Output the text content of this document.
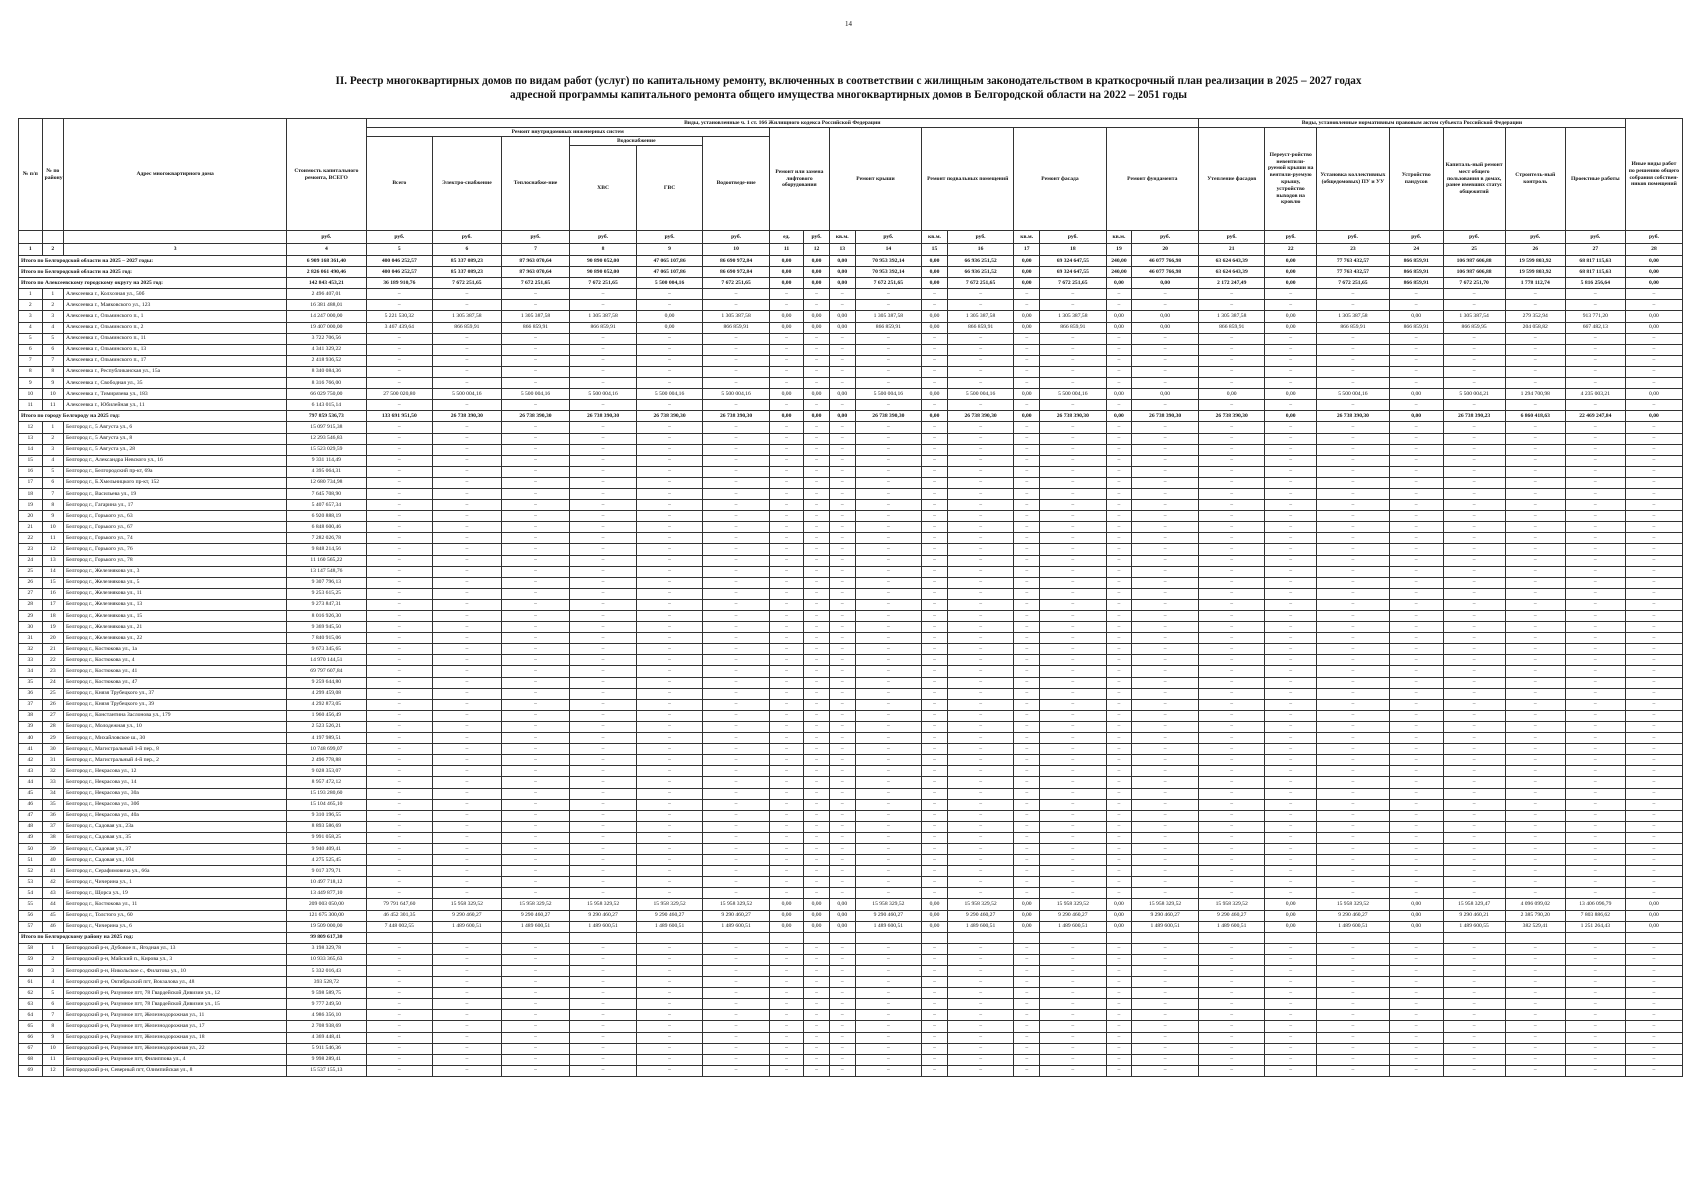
14
II. Реестр многоквартирных домов по видам работ (услуг) по капитальному ремонту, включенных в соответствии с жилищным законодательством в краткосрочный план реализации в 2025 – 2027 годах
адресной программы капитального ремонта общего имущества многоквартирных домов в Белгородской области на 2022 – 2051 годы
№ п/п	№ по району	Адрес многоквартирного дома	Стоимость капитального ремонта, ВСЕГО	Виды, установленные ч. 1 ст. 166 Жилищного кодекса Российской Федерации																Виды, установленные нормативным правовым актом субъекта Российской Федерации							Иные виды работ по решению общего собрания собствен-ников помещений
				Ремонт внутридомовых инженерных систем						Ремонт или замена лифтового оборудования		Ремонт крыши		Ремонт подвальных помещений		Ремонт фасада		Ремонт фундамента		Утепление фасадов	Переуст-ройство невентили-руемой крыши на вентили-руемую крышу, устройство выходов на кровлю	Установка коллективных (общедомовых) ПУ и УУ	Устройство пандусов	Капиталь-ный ремонт мест общего пользования в домах, ранее имевших статус общежитий	Строитель-ный контроль	Проектные работы	
				Всего	Электро-снабжение	Теплоснабже-ние	Водоснабжение		Водоотведе-ние																		
							ХВС	ГВС																			
			руб.	руб.	руб.	руб.	руб.	руб.	руб.	ед.	руб.	кв.м.	руб.	кв.м.	руб.	кв.м.	руб.	кв.м.	руб.	руб.	руб.	руб.	руб.	руб.	руб.	руб.	руб.
1	2	3	4	5	6	7	8	9	10	11	12	13	14	15	16	17	18	19	20	21	22	23	24	25	26	27	28
Итого по Белгородской области на 2025 – 2027 годы:			6 909 168 361,40	400 046 252,57	85 337 089,23	87 963 070,64	90 890 052,00	47 065 107,86	86 690 972,84	0,00	0,00	0,00	70 953 392,14	0,00	66 936 251,52	0,00	69 324 647,55	240,00	46 077 766,98	63 624 643,39	0,00	77 763 432,57	866 859,91	106 987 606,88	19 599 803,92	68 817 115,63	0,00
Итого по Белгородской области на 2025 год:			2 826 061 490,46	400 046 252,57	85 337 089,23	87 963 070,64	90 890 052,00	47 065 107,86	86 690 972,84	0,00	0,00	0,00	70 953 392,14	0,00	66 936 251,52	0,00	69 324 647,55	240,00	46 077 766,98	63 624 643,39	0,00	77 763 432,57	866 859,91	106 987 606,88	19 599 803,92	68 817 115,63	0,00
Итого по Алексеевскому городскому округу на 2025 год:			142 843 453,21	36 189 910,76	7 672 251,65	7 672 251,65	7 672 251,65	5 500 004,16	7 672 251,65	0,00	0,00	0,00	7 672 251,65	0,00	7 672 251,65	0,00	7 672 251,65	0,00	0,00	2 172 247,49	0,00	7 672 251,65	866 859,91	7 672 251,70	1 778 112,74	5 816 256,64	0,00
1	1	Алексеевка г., Колхозная ул., 50б	2 496 407,01	–	–	–	–	–	–	–	–	–	–	–	–	–	–	–	–	–	–	–	–	–	–	–	–
2	2	Алексеевка г., Маяковского ул., 123	16 381 488,01	–	–	–	–	–	–	–	–	–	–	–	–	–	–	–	–	–	–	–	–	–	–	–	–
3	3	Алексеевка г., Ольминского п., 1	14 247 000,00	5 221 530,32	1 305 387,58	1 305 387,58	1 305 387,58	0,00	1 305 387,58	0,00	0,00	0,00	1 305 387,58	0,00	1 305 387,58	0,00	1 305 387,58	0,00	0,00	1 305 387,58	0,00	1 305 387,58	0,00	1 305 387,54	279 352,94	913 771,20	0,00
4	4	Алексеевка г., Ольминского п., 2	19 407 000,00	3 467 439,64	866 859,91	866 859,91	866 859,91	0,00	866 859,91	0,00	0,00	0,00	866 859,91	0,00	866 859,91	0,00	866 859,91	0,00	0,00	866 859,91	0,00	866 859,91	866 859,91	866 859,95	204 058,82	667 482,13	0,00
5	5	Алексеевка г., Ольминского п., 11	3 722 706,56	–	–	–	–	–	–	–	–	–	–	–	–	–	–	–	–	–	–	–	–	–	–	–	–
6	6	Алексеевка г., Ольминского п., 13	4 341 329,22	–	–	–	–	–	–	–	–	–	–	–	–	–	–	–	–	–	–	–	–	–	–	–	–
7	7	Алексеевка г., Ольминского п., 17	2 418 936,52	–	–	–	–	–	–	–	–	–	–	–	–	–	–	–	–	–	–	–	–	–	–	–	–
8	8	Алексеевка г., Республиканская ул., 15а	8 340 084,36	–	–	–	–	–	–	–	–	–	–	–	–	–	–	–	–	–	–	–	–	–	–	–	–
9	9	Алексеевка г., Свободная ул., 35	8 316 766,00	–	–	–	–	–	–	–	–	–	–	–	–	–	–	–	–	–	–	–	–	–	–	–	–
10	10	Алексеевка г., Тимирязева ул., 183	66 029 750,00	27 500 020,80	5 500 004,16	5 500 004,16	5 500 004,16	5 500 004,16	5 500 004,16	0,00	0,00	0,00	5 500 004,16	0,00	5 500 004,16	0,00	5 500 004,16	0,00	0,00	0,00	0,00	5 500 004,16	0,00	5 500 004,21	1 294 700,98	4 235 003,21	0,00
11	11	Алексеевка г., Юбилейная ул., 11	6 143 015,14	–	–	–	–	–	–	–	–	–	–	–	–	–	–	–	–	–	–	–	–	–	–	–	–
Итого по городу Белгороду на 2025 год:			797 859 536,73	133 691 951,50	26 738 390,30	26 738 390,30	26 738 390,30	26 738 390,30	26 738 390,30	0,00	0,00	0,00	26 738 390,30	0,00	26 738 390,30	0,00	26 738 390,30	0,00	26 738 390,30	26 738 390,30	0,00	26 738 390,30	0,00	26 738 390,23	6 860 418,63	22 469 247,84	0,00
12	1	Белгород г., 5 Августа ул., 6	15 097 915,38	–	–	–	–	–	–	–	–	–	–	–	–	–	–	–	–	–	–	–	–	–	–	–	–
13	2	Белгород г., 5 Августа ул., 8	12 293 546,83	–	–	–	–	–	–	–	–	–	–	–	–	–	–	–	–	–	–	–	–	–	–	–	–
14	3	Белгород г., 5 Августа ул., 28	15 523 029,59	–	–	–	–	–	–	–	–	–	–	–	–	–	–	–	–	–	–	–	–	–	–	–	–
15	4	Белгород г., Александра Невского ул., 16	9 331 114,49	–	–	–	–	–	–	–	–	–	–	–	–	–	–	–	–	–	–	–	–	–	–	–	–
16	5	Белгород г., Белгородский пр-кт, 69а	4 395 064,31	–	–	–	–	–	–	–	–	–	–	–	–	–	–	–	–	–	–	–	–	–	–	–	–
17	6	Белгород г., Б.Хмельницкого пр-кт, 152	12 680 734,98	–	–	–	–	–	–	–	–	–	–	–	–	–	–	–	–	–	–	–	–	–	–	–	–
18	7	Белгород г., Васильева ул., 19	7 645 708,90	–	–	–	–	–	–	–	–	–	–	–	–	–	–	–	–	–	–	–	–	–	–	–	–
19	8	Белгород г., Гагарина ул., 17	5 407 657,34	–	–	–	–	–	–	–	–	–	–	–	–	–	–	–	–	–	–	–	–	–	–	–	–
20	9	Белгород г., Горького ул., 63	6 920 888,19	–	–	–	–	–	–	–	–	–	–	–	–	–	–	–	–	–	–	–	–	–	–	–	–
21	10	Белгород г., Горького ул., 67	6 848 600,46	–	–	–	–	–	–	–	–	–	–	–	–	–	–	–	–	–	–	–	–	–	–	–	–
22	11	Белгород г., Горького ул., 74	7 282 026,78	–	–	–	–	–	–	–	–	–	–	–	–	–	–	–	–	–	–	–	–	–	–	–	–
23	12	Белгород г., Горького ул., 76	9 848 214,56	–	–	–	–	–	–	–	–	–	–	–	–	–	–	–	–	–	–	–	–	–	–	–	–
24	13	Белгород г., Горького ул., 78	11 160 565,22	–	–	–	–	–	–	–	–	–	–	–	–	–	–	–	–	–	–	–	–	–	–	–	–
25	14	Белгород г., Железнякова ул., 3	13 147 548,76	–	–	–	–	–	–	–	–	–	–	–	–	–	–	–	–	–	–	–	–	–	–	–	–
26	15	Белгород г., Железнякова ул., 5	9 307 796,13	–	–	–	–	–	–	–	–	–	–	–	–	–	–	–	–	–	–	–	–	–	–	–	–
27	16	Белгород г., Железнякова ул., 11	9 253 615,25	–	–	–	–	–	–	–	–	–	–	–	–	–	–	–	–	–	–	–	–	–	–	–	–
28	17	Белгород г., Железнякова ул., 13	9 273 847,31	–	–	–	–	–	–	–	–	–	–	–	–	–	–	–	–	–	–	–	–	–	–	–	–
29	18	Белгород г., Железнякова ул., 15	8 016 926,30	–	–	–	–	–	–	–	–	–	–	–	–	–	–	–	–	–	–	–	–	–	–	–	–
30	19	Белгород г., Железнякова ул., 21	9 369 945,50	–	–	–	–	–	–	–	–	–	–	–	–	–	–	–	–	–	–	–	–	–	–	–	–
31	20	Белгород г., Железнякова ул., 22	7 840 915,06	–	–	–	–	–	–	–	–	–	–	–	–	–	–	–	–	–	–	–	–	–	–	–	–
32	21	Белгород г., Костюкова ул., 1а	9 673 345,65	–	–	–	–	–	–	–	–	–	–	–	–	–	–	–	–	–	–	–	–	–	–	–	–
33	22	Белгород г., Костюкова ул., 4	14 970 144,51	–	–	–	–	–	–	–	–	–	–	–	–	–	–	–	–	–	–	–	–	–	–	–	–
34	23	Белгород г., Костюкова ул., 41	69 797 607,84	–	–	–	–	–	–	–	–	–	–	–	–	–	–	–	–	–	–	–	–	–	–	–	–
35	24	Белгород г., Костюкова ул., 47	9 259 644,80	–	–	–	–	–	–	–	–	–	–	–	–	–	–	–	–	–	–	–	–	–	–	–	–
36	25	Белгород г., Князя Трубецкого ул., 37	4 299 459,08	–	–	–	–	–	–	–	–	–	–	–	–	–	–	–	–	–	–	–	–	–	–	–	–
37	26	Белгород г., Князя Трубецкого ул., 39	4 292 873,05	–	–	–	–	–	–	–	–	–	–	–	–	–	–	–	–	–	–	–	–	–	–	–	–
38	27	Белгород г., Константина Заслонова ул., 179	1 960 456,49	–	–	–	–	–	–	–	–	–	–	–	–	–	–	–	–	–	–	–	–	–	–	–	–
39	28	Белгород г., Молодежная ул., 10	2 523 526,21	–	–	–	–	–	–	–	–	–	–	–	–	–	–	–	–	–	–	–	–	–	–	–	–
40	29	Белгород г., Михайловское ш., 30	4 197 989,51	–	–	–	–	–	–	–	–	–	–	–	–	–	–	–	–	–	–	–	–	–	–	–	–
41	30	Белгород г., Магистральный 1-й пер., 8	10 748 699,07	–	–	–	–	–	–	–	–	–	–	–	–	–	–	–	–	–	–	–	–	–	–	–	–
42	31	Белгород г., Магистральный 4-й пер., 2	2 496 778,88	–	–	–	–	–	–	–	–	–	–	–	–	–	–	–	–	–	–	–	–	–	–	–	–
43	32	Белгород г., Некрасова ул., 12	9 028 353,07	–	–	–	–	–	–	–	–	–	–	–	–	–	–	–	–	–	–	–	–	–	–	–	–
44	33	Белгород г., Некрасова ул., 14	8 957 472,12	–	–	–	–	–	–	–	–	–	–	–	–	–	–	–	–	–	–	–	–	–	–	–	–
45	34	Белгород г., Некрасова ул., 30а	15 193 280,60	–	–	–	–	–	–	–	–	–	–	–	–	–	–	–	–	–	–	–	–	–	–	–	–
46	35	Белгород г., Некрасова ул., 30б	15 104 465,10	–	–	–	–	–	–	–	–	–	–	–	–	–	–	–	–	–	–	–	–	–	–	–	–
47	36	Белгород г., Некрасова ул., 40а	9 310 196,55	–	–	–	–	–	–	–	–	–	–	–	–	–	–	–	–	–	–	–	–	–	–	–	–
48	37	Белгород г., Садовая ул., 23а	8 893 586,69	–	–	–	–	–	–	–	–	–	–	–	–	–	–	–	–	–	–	–	–	–	–	–	–
49	38	Белгород г., Садовая ул., 35	9 991 058,25	–	–	–	–	–	–	–	–	–	–	–	–	–	–	–	–	–	–	–	–	–	–	–	–
50	39	Белгород г., Садовая ул., 37	9 940 409,41	–	–	–	–	–	–	–	–	–	–	–	–	–	–	–	–	–	–	–	–	–	–	–	–
51	40	Белгород г., Садовая ул., 104	4 275 525,45	–	–	–	–	–	–	–	–	–	–	–	–	–	–	–	–	–	–	–	–	–	–	–	–
52	41	Белгород г., Серафимовича ул., 66а	9 017 379,71	–	–	–	–	–	–	–	–	–	–	–	–	–	–	–	–	–	–	–	–	–	–	–	–
53	42	Белгород г., Чичерина ул., 1	10 497 718,12	–	–	–	–	–	–	–	–	–	–	–	–	–	–	–	–	–	–	–	–	–	–	–	–
54	43	Белгород г., Щорса ул., 19	13 449 877,10	–	–	–	–	–	–	–	–	–	–	–	–	–	–	–	–	–	–	–	–	–	–	–	–
55	44	Белгород г., Костюкова ул., 11	209 003 050,00	79 791 647,60	15 958 329,52	15 958 329,52	15 958 329,52	15 958 329,52	15 958 329,52	0,00	0,00	0,00	15 958 329,52	0,00	15 958 329,52	0,00	15 958 329,52	0,00	15 958 329,52	15 958 329,52	0,00	15 958 329,52	0,00	15 958 329,47	4 096 099,02	13 406 096,79	0,00
56	45	Белгород г., Толстого ул., 60	121 675 300,00	46 452 301,35	9 290 460,27	9 290 460,27	9 290 460,27	9 290 460,27	9 290 460,27	0,00	0,00	0,00	9 290 460,27	0,00	9 290 460,27	0,00	9 290 460,27	0,00	9 290 460,27	9 290 460,27	0,00	9 290 460,27	0,00	9 290 460,21	2 385 790,20	7 803 886,62	0,00
57	46	Белгород г., Чичерина ул., 6	19 509 000,00	7 448 002,55	1 489 600,51	1 489 600,51	1 489 600,51	1 489 600,51	1 489 600,51	0,00	0,00	0,00	1 489 600,51	0,00	1 489 600,51	0,00	1 489 600,51	0,00	1 489 600,51	1 489 600,51	0,00	1 489 600,51	0,00	1 489 600,55	382 529,41	1 251 264,43	0,00
Итого по Белгородскому району на 2025 год:			99 809 617,30																								
58	1	Белгородский р-н, Дубовое п., Ягодная ул., 13	3 198 329,78	–	–	–	–	–	–	–	–	–	–	–	–	–	–	–	–	–	–	–	–	–	–	–	–
59	2	Белгородский р-н, Майский п., Кирова ул., 3	10 933 365,63	–	–	–	–	–	–	–	–	–	–	–	–	–	–	–	–	–	–	–	–	–	–	–	–
60	3	Белгородский р-н, Никольское с., Филатова ул., 10	5 332 016,43	–	–	–	–	–	–	–	–	–	–	–	–	–	–	–	–	–	–	–	–	–	–	–	–
61	4	Белгородский р-н, Октябрьский пгт, Вокзалова ул., 48	393 528,72	–	–	–	–	–	–	–	–	–	–	–	–	–	–	–	–	–	–	–	–	–	–	–	–
62	5	Белгородский р-н, Разумное пгт, 78 Гвардейской Дивизии ул., 12	9 598 589,75	–	–	–	–	–	–	–	–	–	–	–	–	–	–	–	–	–	–	–	–	–	–	–	–
63	6	Белгородский р-н, Разумное пгт, 78 Гвардейской Дивизии ул., 15	9 777 249,50	–	–	–	–	–	–	–	–	–	–	–	–	–	–	–	–	–	–	–	–	–	–	–	–
64	7	Белгородский р-н, Разумное пгт, Железнодорожная ул., 11	4 986 356,10	–	–	–	–	–	–	–	–	–	–	–	–	–	–	–	–	–	–	–	–	–	–	–	–
65	8	Белгородский р-н, Разумное пгт, Железнодорожная ул., 17	2 708 938,69	–	–	–	–	–	–	–	–	–	–	–	–	–	–	–	–	–	–	–	–	–	–	–	–
66	9	Белгородский р-н, Разумное пгт, Железнодорожная ул., 18	4 369 448,41	–	–	–	–	–	–	–	–	–	–	–	–	–	–	–	–	–	–	–	–	–	–	–	–
67	10	Белгородский р-н, Разумное пгт, Железнодорожная ул., 22	5 911 546,36	–	–	–	–	–	–	–	–	–	–	–	–	–	–	–	–	–	–	–	–	–	–	–	–
68	11	Белгородский р-н, Разумное пгт, Филиппова ул., 4	9 998 289,41	–	–	–	–	–	–	–	–	–	–	–	–	–	–	–	–	–	–	–	–	–	–	–	–
69	12	Белгородский р-н, Северный пгт, Олимпийская ул., 8	15 537 155,13	–	–	–	–	–	–	–	–	–	–	–	–	–	–	–	–	–	–	–	–	–	–	–	–
